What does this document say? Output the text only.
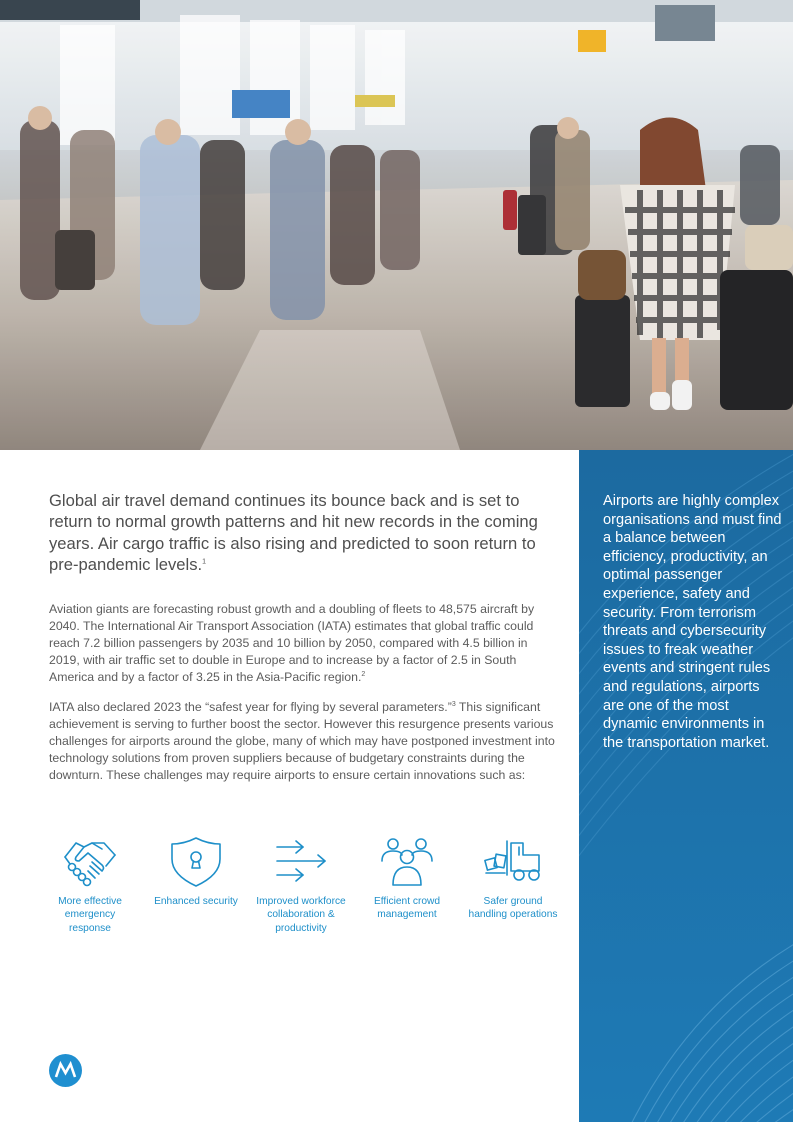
Global air travel demand continues its bounce back and is set to return to normal growth patterns and hit new records in the coming years. Air cargo traffic is also rising and predicted to soon return to pre-pandemic levels.$^1$

Aviation giants are forecasting robust growth and a doubling of fleets to 48,575 aircraft by 2040. The International Air Transport Association (IATA) estimates that global traffic could reach 7.2 billion passengers by 2035 and 10 billion by 2050, compared with 4.5 billion in 2019, with air traffic set to double in Europe and to increase by a factor of 2.5 in South America and by a factor of 3.25 in the Asia-Pacific region.$^2$

IATA also declared 2023 the “safest year for flying by several parameters.”$^3$ This significant achievement is serving to further boost the sector. However this resurgence presents various challenges for airports around the globe, many of which may have postponed investment into technology solutions from proven suppliers because of budgetary constraints during the downturn. These challenges may require airports to ensure certain innovations such as:

More effective emergency response
Enhanced security	Improved workforce collaboration & productivity
Efficient crowd management
Safer ground handling operations

Airports are highly complex organisations and must find a balance between efficiency, productivity, an optimal passenger experience, safety and security. From terrorism threats and cybersecurity issues to freak weather events and stringent rules and regulations, airports are one of the most dynamic environments in the transportation market.
